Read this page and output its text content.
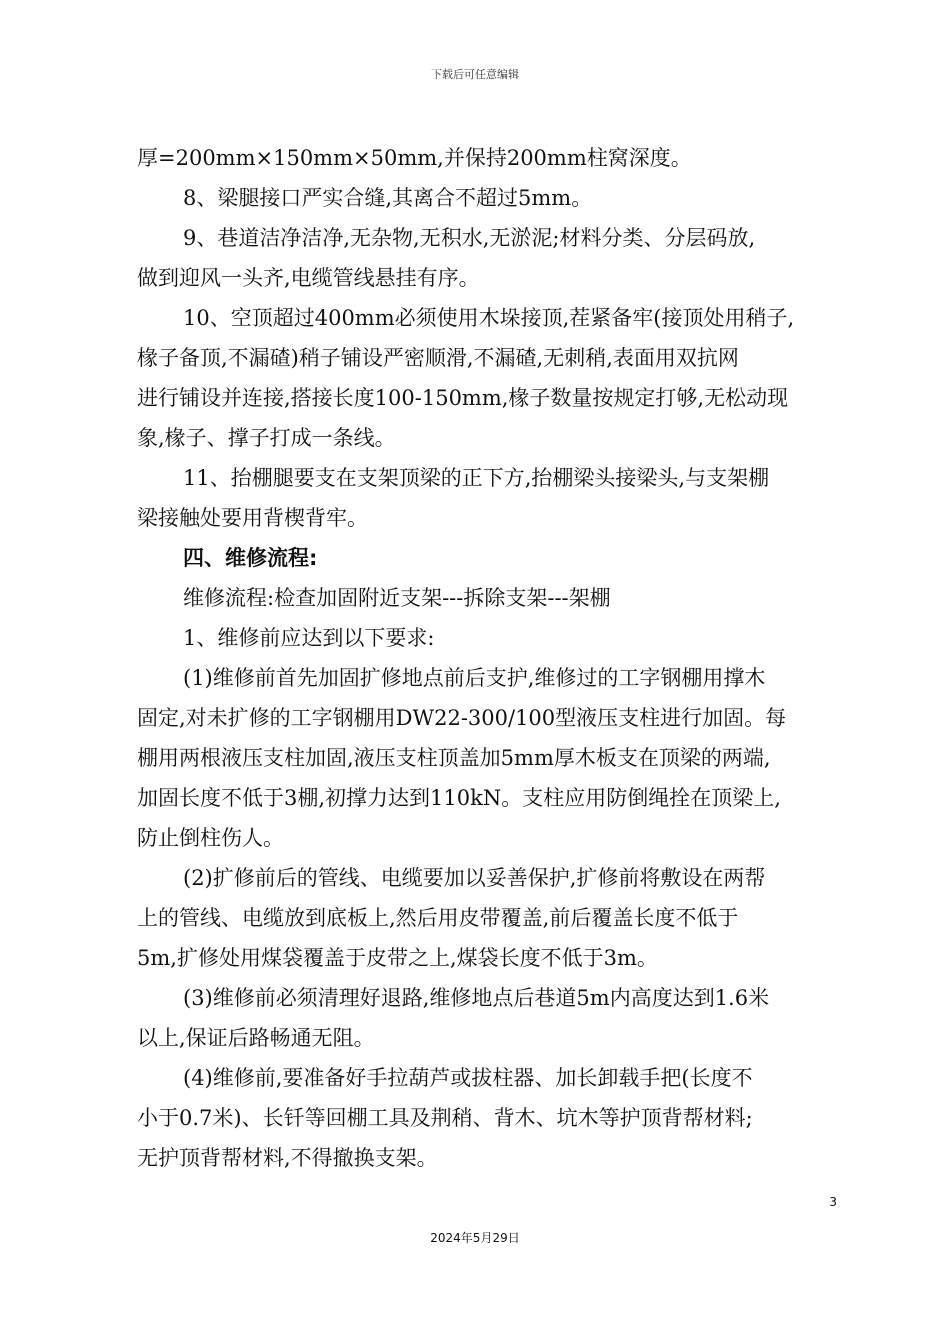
下载后可任意编辑
厚=200mm×150mm×50mm,并保持200mm柱窝深度。
8、梁腿接口严实合缝,其离合不超过5mm。
9、巷道洁净洁净,无杂物,无积水,无淤泥;材料分类、分层码放,
做到迎风一头齐,电缆管线悬挂有序。
10、空顶超过400mm必须使用木垛接顶,茬紧备牢(接顶处用稍子,
椽子备顶,不漏碴)稍子铺设严密顺滑,不漏碴,无刺稍,表面用双抗网
进行铺设并连接,搭接长度100-150mm,椽子数量按规定打够,无松动现
象,椽子、撑子打成一条线。
11、抬棚腿要支在支架顶梁的正下方,抬棚梁头接梁头,与支架棚
梁接触处要用背楔背牢。
四、维修流程:
维修流程:检查加固附近支架---拆除支架---架棚
1、维修前应达到以下要求:
(1)维修前首先加固扩修地点前后支护,维修过的工字钢棚用撑木
固定,对未扩修的工字钢棚用DW22-300/100型液压支柱进行加固。每
棚用两根液压支柱加固,液压支柱顶盖加5mm厚木板支在顶梁的两端,
加固长度不低于3棚,初撑力达到110kN。支柱应用防倒绳拴在顶梁上,
防止倒柱伤人。
(2)扩修前后的管线、电缆要加以妥善保护,扩修前将敷设在两帮
上的管线、电缆放到底板上,然后用皮带覆盖,前后覆盖长度不低于
5m,扩修处用煤袋覆盖于皮带之上,煤袋长度不低于3m。
(3)维修前必须清理好退路,维修地点后巷道5m内高度达到1.6米
以上,保证后路畅通无阻。
(4)维修前,要准备好手拉葫芦或拔柱器、加长卸载手把(长度不
小于0.7米)、长钎等回棚工具及荆稍、背木、坑木等护顶背帮材料;
无护顶背帮材料,不得撤换支架。
3
2024年5月29日
